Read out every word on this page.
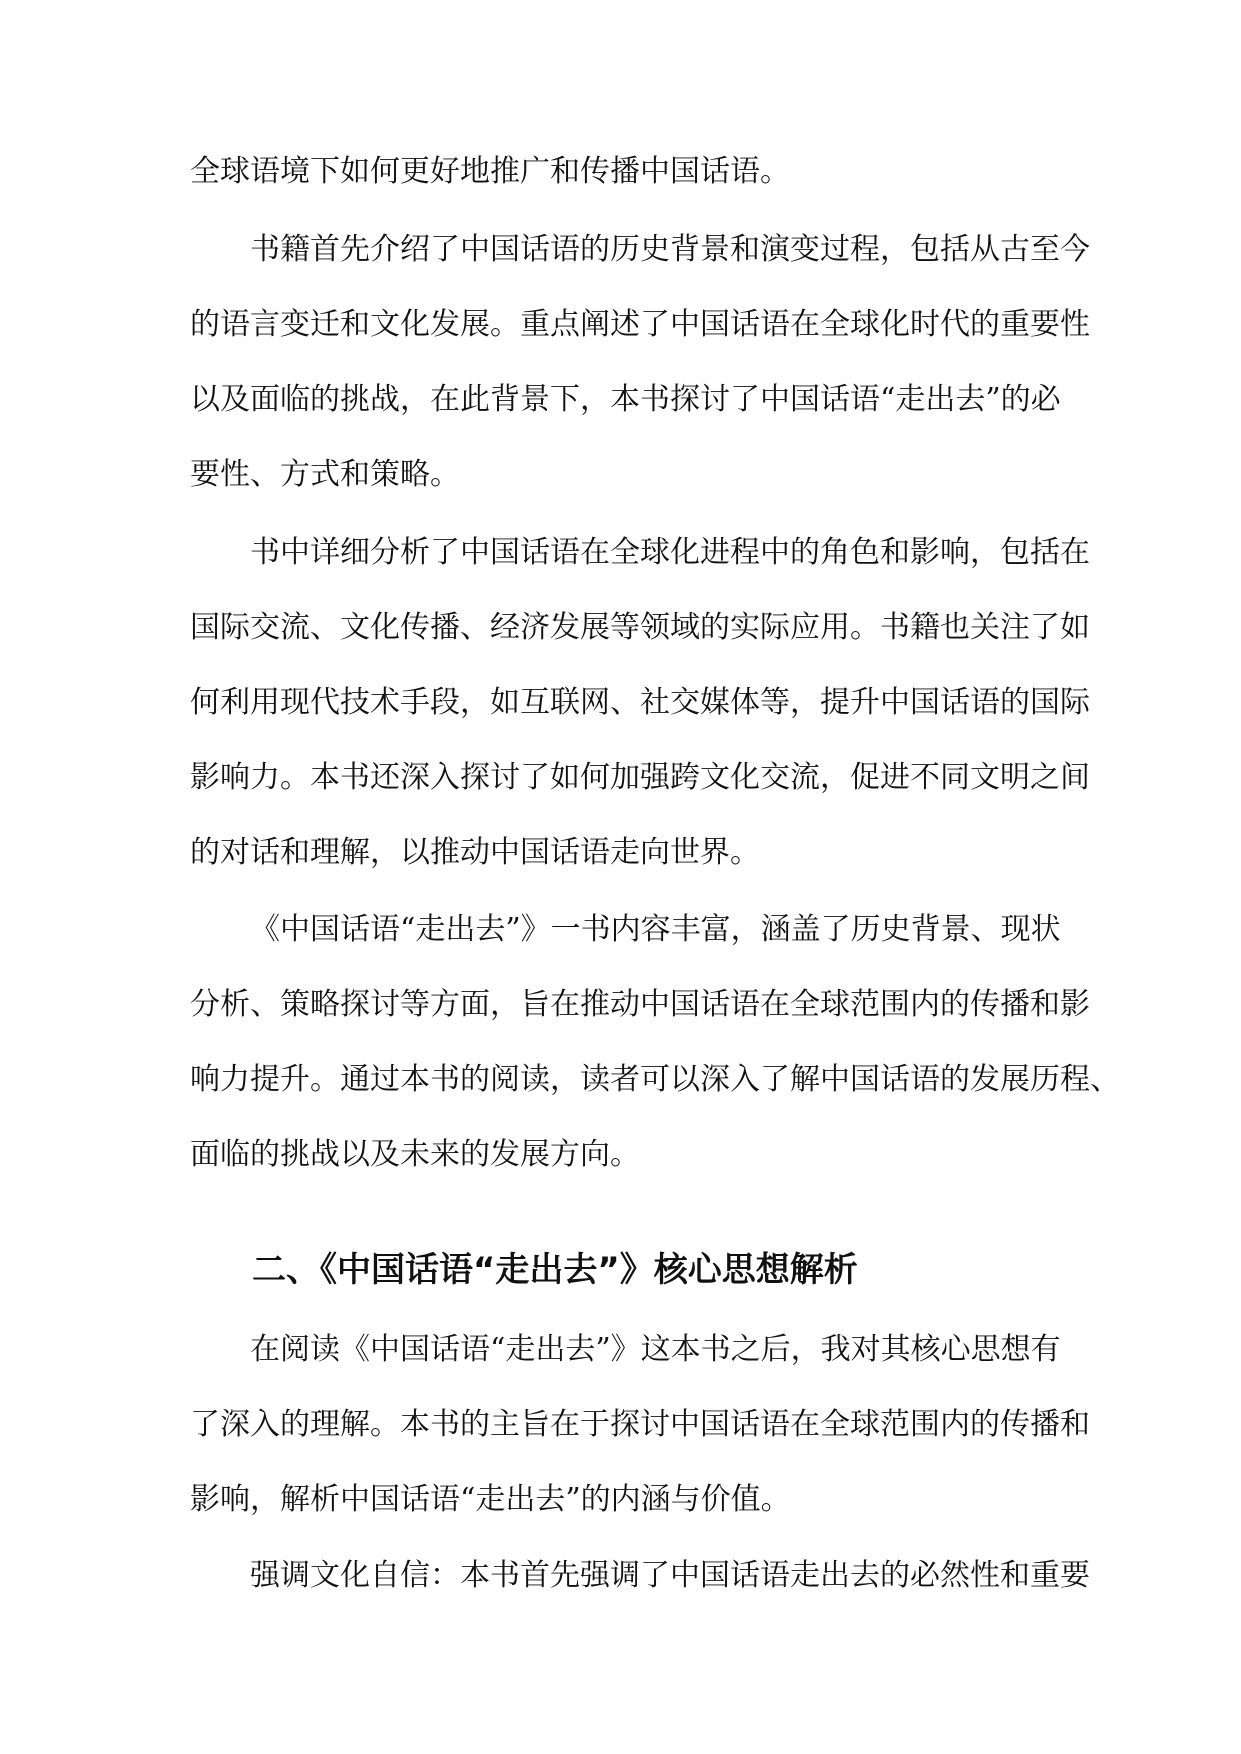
全球语境下如何更好地推广和传播中国话语。
书籍首先介绍了中国话语的历史背景和演变过程，包括从古至今
的语言变迁和文化发展。重点阐述了中国话语在全球化时代的重要性
以及面临的挑战，在此背景下，本书探讨了中国话语“走出去”的必
要性、方式和策略。
书中详细分析了中国话语在全球化进程中的角色和影响，包括在
国际交流、文化传播、经济发展等领域的实际应用。书籍也关注了如
何利用现代技术手段，如互联网、社交媒体等，提升中国话语的国际
影响力。本书还深入探讨了如何加强跨文化交流，促进不同文明之间
的对话和理解，以推动中国话语走向世界。
《中国话语“走出去”》一书内容丰富，涵盖了历史背景、现状
分析、策略探讨等方面，旨在推动中国话语在全球范围内的传播和影
响力提升。通过本书的阅读，读者可以深入了解中国话语的发展历程、
面临的挑战以及未来的发展方向。
二、《中国话语“走出去”》核心思想解析
在阅读《中国话语“走出去”》这本书之后，我对其核心思想有
了深入的理解。本书的主旨在于探讨中国话语在全球范围内的传播和
影响，解析中国话语“走出去”的内涵与价值。
强调文化自信：本书首先强调了中国话语走出去的必然性和重要
